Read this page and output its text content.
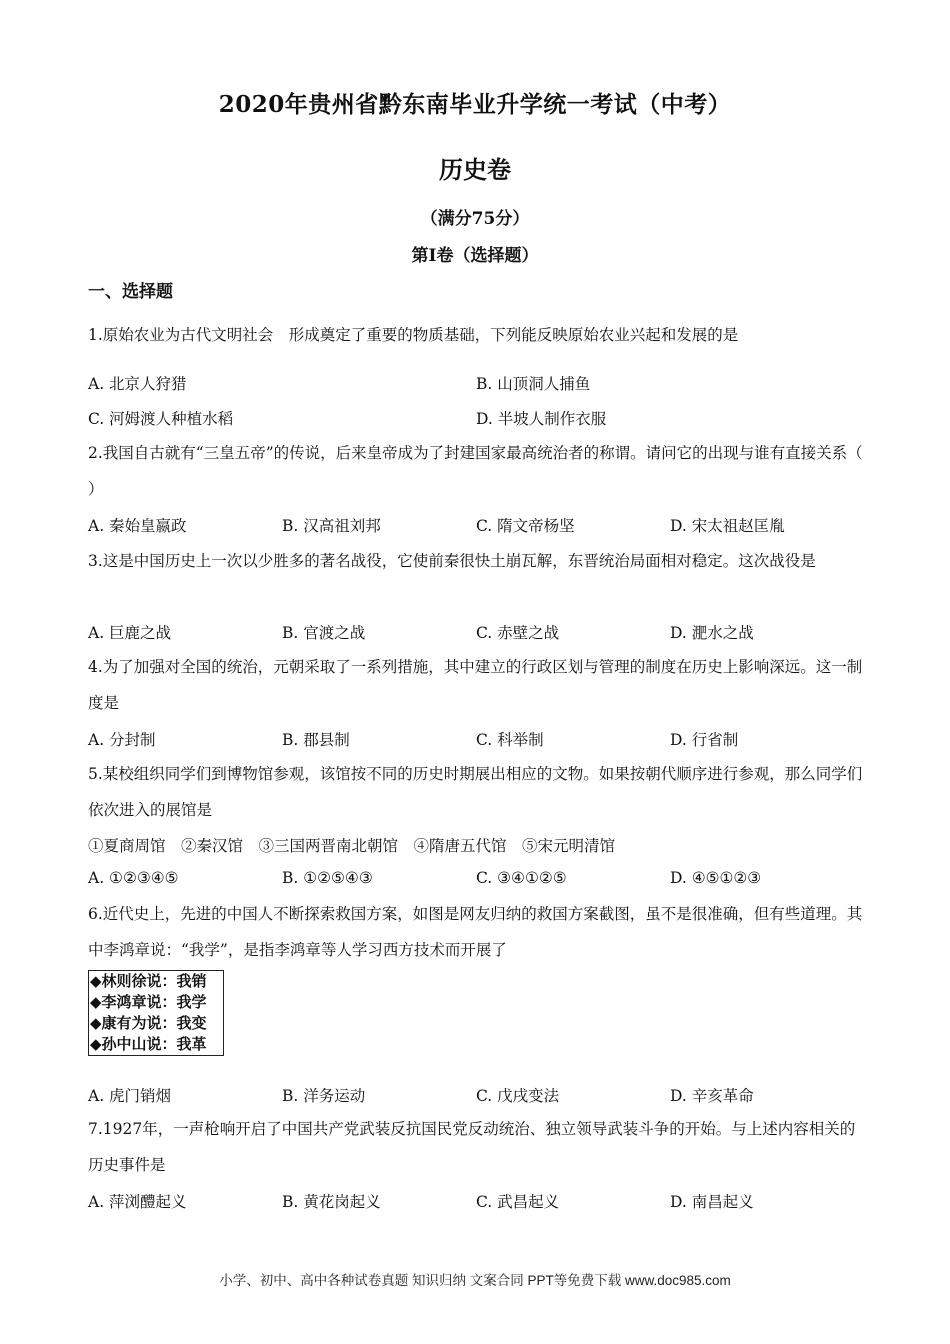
2020年贵州省黔东南毕业升学统一考试（中考）
历史卷
（满分75分）
第Ⅰ卷（选择题）
一、选择题
1.原始农业为古代文明社会　形成奠定了重要的物质基础，下列能反映原始农业兴起和发展的是
A. 北京人狩猎	B. 山顶洞人捕鱼
C. 河姆渡人种植水稻	D. 半坡人制作衣服
2.我国自古就有“三皇五帝”的传说，后来皇帝成为了封建国家最高统治者的称谓。请问它的出现与谁有直接关系（ ）
A. 秦始皇嬴政	B. 汉高祖刘邦	C. 隋文帝杨坚	D. 宋太祖赵匡胤
3.这是中国历史上一次以少胜多的著名战役，它使前秦很快土崩瓦解，东晋统治局面相对稳定。这次战役是
A. 巨鹿之战	B. 官渡之战	C. 赤壁之战	D. 淝水之战
4.为了加强对全国的统治，元朝采取了一系列措施，其中建立的行政区划与管理的制度在历史上影响深远。这一制度是
A. 分封制	B. 郡县制	C. 科举制	D. 行省制
5.某校组织同学们到博物馆参观，该馆按不同的历史时期展出相应的文物。如果按朝代顺序进行参观，那么同学们依次进入的展馆是
①夏商周馆　②秦汉馆　③三国两晋南北朝馆　④隋唐五代馆　⑤宋元明清馆
A. ①②③④⑤	B. ①②⑤④③	C. ③④①②⑤	D. ④⑤①②③
6.近代史上，先进的中国人不断探索救国方案，如图是网友归纳的救国方案截图，虽不是很准确，但有些道理。其中李鸿章说：“我学”，是指李鸿章等人学习西方技术而开展了
◆林则徐说：我销
◆李鸿章说：我学
◆康有为说：我变
◆孙中山说：我革
A. 虎门销烟	B. 洋务运动	C. 戊戌变法	D. 辛亥革命
7.1927年，一声枪响开启了中国共产党武装反抗国民党反动统治、独立领导武装斗争的开始。与上述内容相关的历史事件是
A. 萍浏醴起义	B. 黄花岗起义	C. 武昌起义	D. 南昌起义
小学、初中、高中各种试卷真题 知识归纳 文案合同 PPT等免费下载 www.doc985.com
